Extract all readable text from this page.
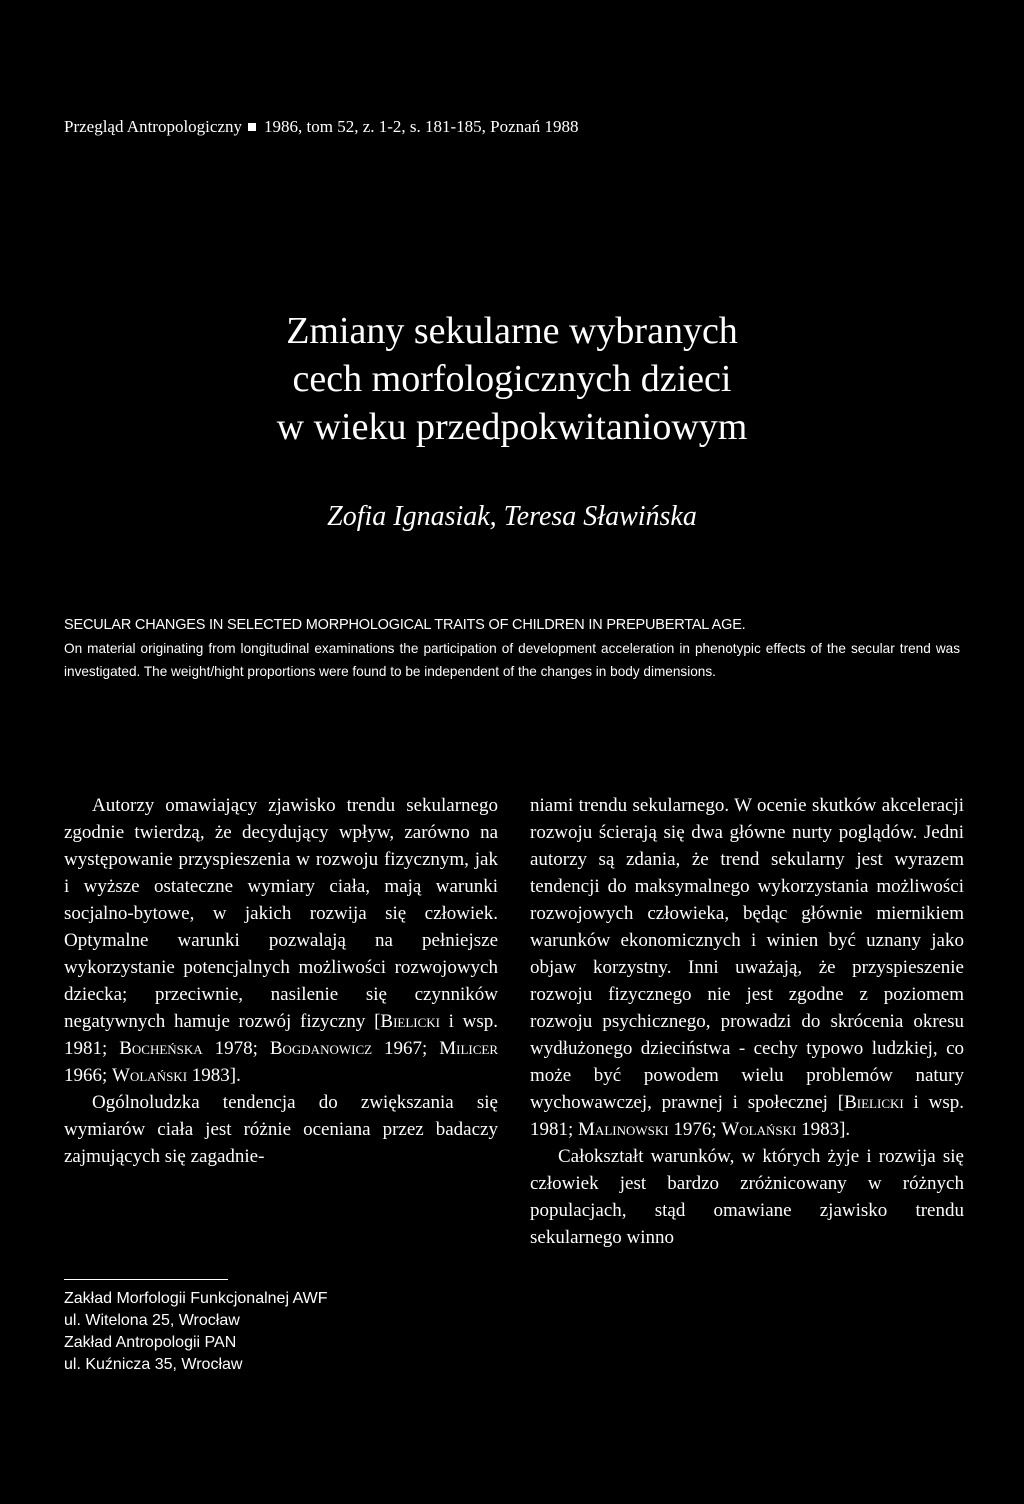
Przegląd Antropologiczny 1986, tom 52, z. 1-2, s. 181-185, Poznań 1988
Zmiany sekularne wybranych
cech morfologicznych dzieci
w wieku przedpokwitaniowym
Zofia Ignasiak, Teresa Sławińska
SECULAR CHANGES IN SELECTED MORPHOLOGICAL TRAITS OF CHILDREN IN PREPUBERTAL AGE.
On material originating from longitudinal examinations the participation of development acceleration in phenotypic effects of the secular trend was investigated. The weight/hight proportions were found to be independent of the changes in body dimensions.

Autorzy omawiający zjawisko trendu sekularnego zgodnie twierdzą, że decydujący wpływ, zarówno na występowanie przyspieszenia w rozwoju fizycznym, jak i wyższe ostateczne wymiary ciała, mają warunki socjalno-bytowe, w jakich rozwija się człowiek. Optymalne warunki pozwalają na pełniejsze wykorzystanie potencjalnych możliwości rozwojowych dziecka; przeciwnie, nasilenie się czynników negatywnych hamuje rozwój fizyczny [Bielicki i wsp. 1981; Bocheńska 1978; Bogdanowicz 1967; Milicer 1966; Wolański 1983].

Ogólnoludzka tendencja do zwiększania się wymiarów ciała jest różnie oceniana przez badaczy zajmujących się zagadnie-

niami trendu sekularnego. W ocenie skutków akceleracji rozwoju ścierają się dwa główne nurty poglądów. Jedni autorzy są zdania, że trend sekularny jest wyrazem tendencji do maksymalnego wykorzystania możliwości rozwojowych człowieka, będąc głównie miernikiem warunków ekonomicznych i winien być uznany jako objaw korzystny. Inni uważają, że przyspieszenie rozwoju fizycznego nie jest zgodne z poziomem rozwoju psychicznego, prowadzi do skrócenia okresu wydłużonego dzieciństwa - cechy typowo ludzkiej, co może być powodem wielu problemów natury wychowawczej, prawnej i społecznej [Bielicki i wsp. 1981; Malinowski 1976; Wolański 1983].

Całokształt warunków, w których żyje i rozwija się człowiek jest bardzo zróżnicowany w różnych populacjach, stąd omawiane zjawisko trendu sekularnego winno

Zakład Morfologii Funkcjonalnej AWF
ul. Witelona 25, Wrocław
Zakład Antropologii PAN
ul. Kuźnicza 35, Wrocław
